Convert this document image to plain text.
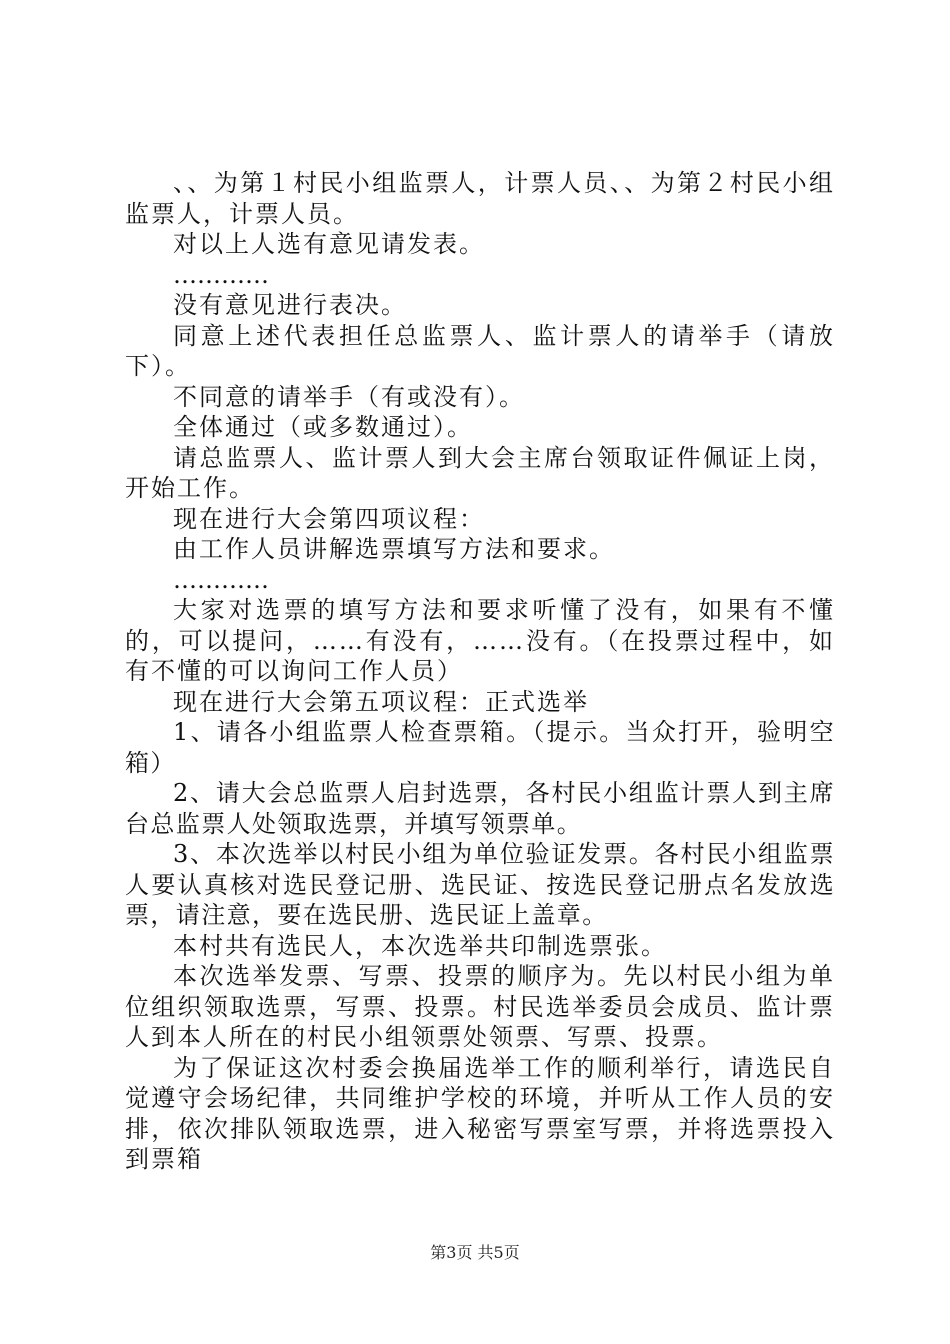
、、为第１村民小组监票人，计票人员、、为第２村民小组监票人，计票人员。

对以上人选有意见请发表。

…………

没有意见进行表决。

同意上述代表担任总监票人、监计票人的请举手（请放下）。

不同意的请举手（有或没有）。

全体通过（或多数通过）。

请总监票人、监计票人到大会主席台领取证件佩证上岗，开始工作。

现在进行大会第四项议程：

由工作人员讲解选票填写方法和要求。

…………

大家对选票的填写方法和要求听懂了没有，如果有不懂的，可以提问，……有没有，……没有。（在投票过程中，如有不懂的可以询问工作人员）

现在进行大会第五项议程：正式选举

1、请各小组监票人检查票箱。（提示。当众打开，验明空箱）

2、请大会总监票人启封选票，各村民小组监计票人到主席台总监票人处领取选票，并填写领票单。

3、本次选举以村民小组为单位验证发票。各村民小组监票人要认真核对选民登记册、选民证、按选民登记册点名发放选票，请注意，要在选民册、选民证上盖章。

本村共有选民人，本次选举共印制选票张。

本次选举发票、写票、投票的顺序为。先以村民小组为单位组织领取选票，写票、投票。村民选举委员会成员、监计票人到本人所在的村民小组领票处领票、写票、投票。

为了保证这次村委会换届选举工作的顺利举行，请选民自觉遵守会场纪律，共同维护学校的环境，并听从工作人员的安排，依次排队领取选票，进入秘密写票室写票，并将选票投入到票箱

第3页 共5页
